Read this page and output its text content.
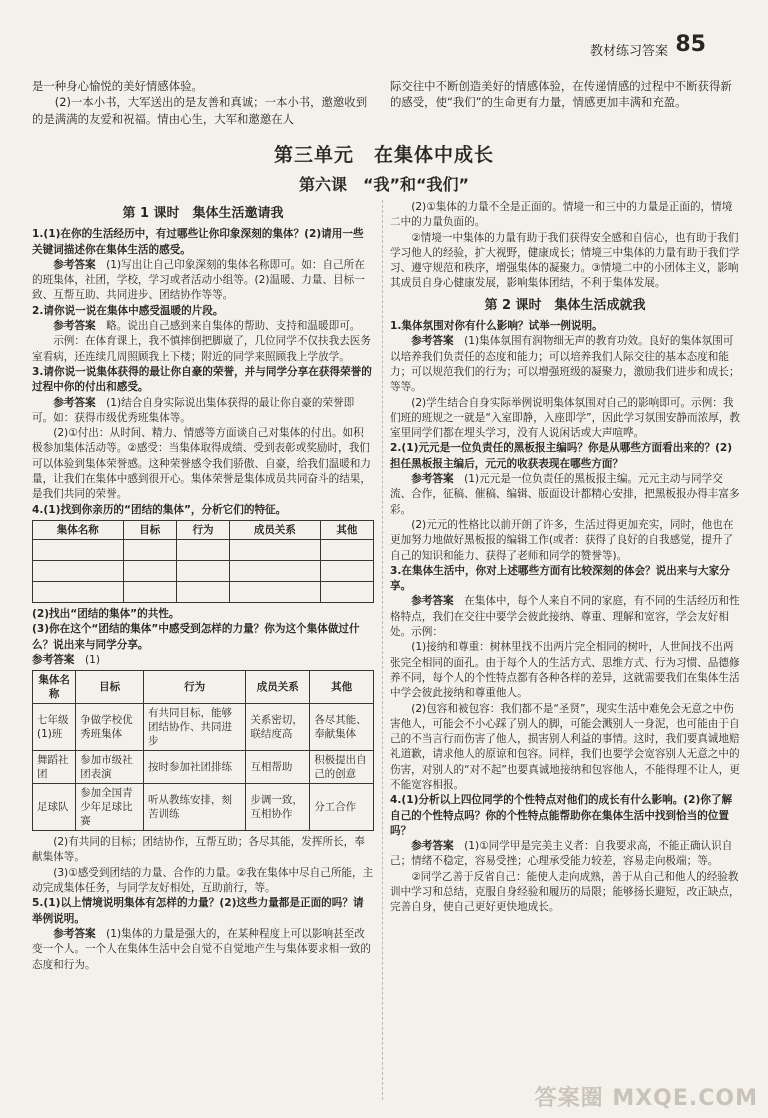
教材练习答案 85

是一种身心愉悦的美好情感体验。

(2)一本小书，大军送出的是友善和真诚；一本小书，邀邀收到的是满满的友爱和祝福。情由心生，大军和邀邀在人

际交往中不断创造美好的情感体验，在传递情感的过程中不断获得新的感受，使“我们”的生命更有力量，情感更加丰满和充盈。

第三单元　在集体中成长
第六课　“我”和“我们”
第 1 课时　集体生活邀请我

1.(1)在你的生活经历中，有过哪些让你印象深刻的集体？(2)请用一些关键词描述你在集体生活的感受。

参考答案　 (1)写出让自己印象深刻的集体名称即可。如：自己所在的班集体，社团，学校，学习或者活动小组等。(2)温暖、力量、目标一致、互帮互助、共同进步、团结协作等等。

2.请你说一说在集体中感受温暖的片段。

参考答案　 略。说出自己感到来自集体的帮助、支持和温暖即可。

示例：在体育课上，我不慎摔倒把脚崴了，几位同学不仅扶我去医务室看病，还连续几周照顾我上下楼；附近的同学来照顾我上学放学。

3.请你说一说集体获得的最让你自豪的荣誉，并与同学分享在获得荣誉的过程中你的付出和感受。

参考答案　 (1)结合自身实际说出集体获得的最让你自豪的荣誉即可。如：获得市级优秀班集体等。

(2)①付出：从时间、精力、情感等方面谈自己对集体的付出。如积极参加集体活动等。②感受：当集体取得成绩、受到表彰或奖励时，我们可以体验到集体荣誉感。这种荣誉感令我们骄傲、自豪，给我们温暖和力量，让我们在集体中感到很开心。集体荣誉是集体成员共同奋斗的结果，是我们共同的荣誉。

4.(1)找到你亲历的“团结的集体”，分析它们的特征。

集体名称	目标	行为	成员关系	其他

(2)找出“团结的集体”的共性。

(3)你在这个“团结的集体”中感受到怎样的力量？你为这个集体做过什么？说出来与同学分享。

参考答案　 (1)

集体名称	目标	行为	成员关系	其他
七年级(1)班	争做学校优秀班集体	有共同目标，能够团结协作、共同进步	关系密切，联结度高	各尽其能、奉献集体
舞蹈社团	参加市级社团表演	按时参加社团排练	互相帮助	积极提出自己的创意
足球队	参加全国青少年足球比赛	听从教练安排，刻苦训练	步调一致，互相协作	分工合作

(2)有共同的目标；团结协作，互帮互助；各尽其能，发挥所长，奉献集体等。

(3)①感受到团结的力量、合作的力量。②我在集体中尽自己所能，主动完成集体任务，与同学友好相处，互助前行，等。

5.(1)以上情境说明集体有怎样的力量？(2)这些力量都是正面的吗？请举例说明。

参考答案　 (1)集体的力量是强大的，在某种程度上可以影响甚至改变一个人。一个人在集体生活中会自觉不自觉地产生与集体要求相一致的态度和行为。

(2)①集体的力量不全是正面的。情境一和三中的力量是正面的，情境二中的力量负面的。

②情境一中集体的力量有助于我们获得安全感和自信心，也有助于我们学习他人的经验，扩大视野，健康成长；情境三中集体的力量有助于我们学习、遵守规范和秩序，增强集体的凝聚力。③情境二中的小团体主义，影响其成员自身心健康发展，影响集体团结，不利于集体发展。

第 2 课时　集体生活成就我

1.集体氛围对你有什么影响？试举一例说明。

参考答案　 (1)集体氛围有润物细无声的教育功效。良好的集体氛围可以培养我们负责任的态度和能力；可以培养我们人际交往的基本态度和能力；可以规范我们的行为；可以增强班级的凝聚力，激励我们进步和成长；等等。

(2)学生结合自身实际举例说明集体氛围对自己的影响即可。示例：我们班的班规之一就是“入室即静，入座即学”，因此学习氛围安静而浓厚，教室里同学们都在埋头学习，没有人说闲话或大声喧哗。

2.(1)元元是一位负责任的黑板报主编吗？你是从哪些方面看出来的？(2)担任黑板报主编后，元元的收获表现在哪些方面？

参考答案　 (1)元元是一位负责任的黑板报主编。元元主动与同学交流、合作，征稿、催稿、编辑、版面设计都精心安排，把黑板报办得丰富多彩。

(2)元元的性格比以前开朗了许多，生活过得更加充实，同时，他也在更加努力地做好黑板报的编辑工作(或者：获得了良好的自我感觉，提升了自己的知识和能力、获得了老师和同学的赞誉等)。

3.在集体生活中，你对上述哪些方面有比较深刻的体会？说出来与大家分享。

参考答案　 在集体中，每个人来自不同的家庭，有不同的生活经历和性格特点，我们在交往中要学会彼此接纳、尊重、理解和宽容，学会友好相处。示例：

(1)接纳和尊重：树林里找不出两片完全相同的树叶，人世间找不出两张完全相同的面孔。由于每个人的生活方式、思维方式、行为习惯、品德修养不同，每个人的个性特点都有各种各样的差异，这就需要我们在集体生活中学会彼此接纳和尊重他人。

(2)包容和被包容：我们都不是“圣贤”，现实生活中难免会无意之中伤害他人，可能会不小心踩了别人的脚，可能会溅别人一身泥，也可能由于自己的不当言行而伤害了他人，损害别人利益的事情。这时，我们要真诚地赔礼道歉，请求他人的原谅和包容。同样，我们也要学会宽容别人无意之中的伤害，对别人的“对不起”也要真诚地接纳和包容他人，不能得理不让人，更不能宽容相报。

4.(1)分析以上四位同学的个性特点对他们的成长有什么影响。(2)你了解自己的个性特点吗？你的个性特点能帮助你在集体生活中找到恰当的位置吗？

参考答案　 (1)①同学甲是完美主义者：自我要求高，不能正确认识自己；情绪不稳定，容易受挫；心理承受能力较差，容易走向极端；等。

②同学乙善于反省自己：能使人走向成熟，善于从自己和他人的经验教训中学习和总结，克服自身经验和履历的局限；能够扬长避短，改正缺点，完善自身，使自己更好更快地成长。

答案圈 MXQE.COM
